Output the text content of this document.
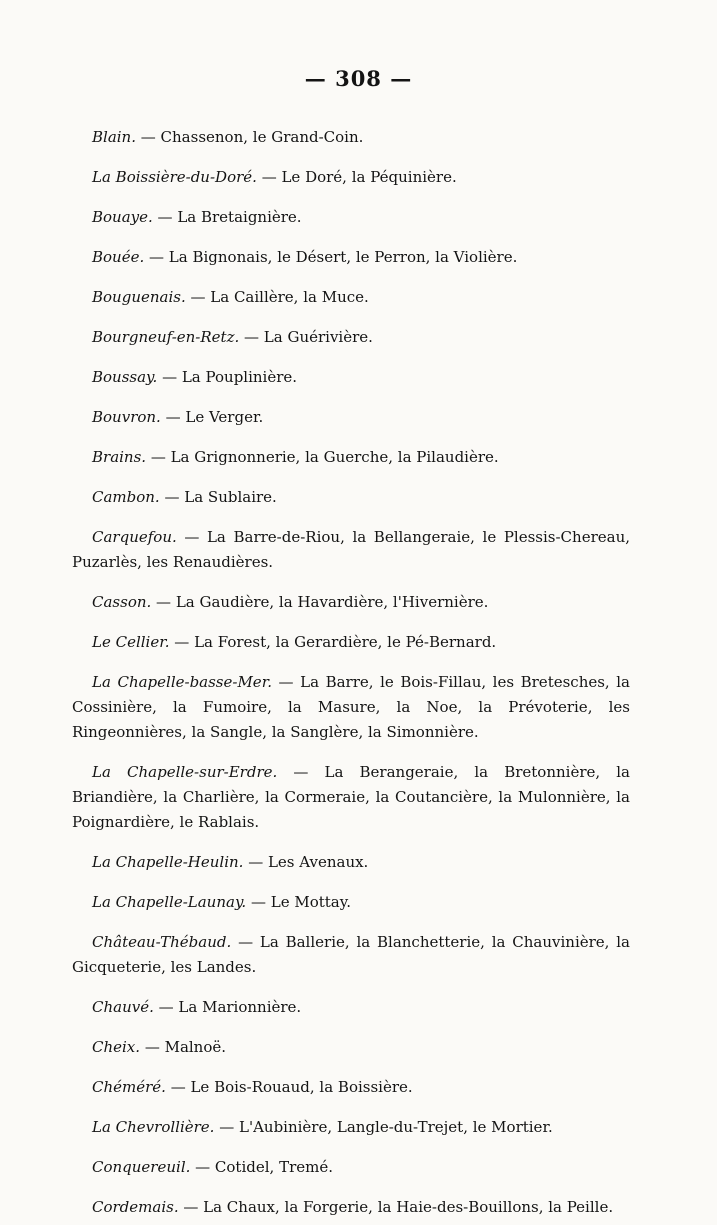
— 308 —

Blain. — Chassenon, le Grand-Coin.

La Boissière-du-Doré. — Le Doré, la Péquinière.

Bouaye. — La Bretaignière.

Bouée. — La Bignonais, le Désert, le Perron, la Violière.

Bouguenais. — La Caillère, la Muce.

Bourgneuf-en-Retz. — La Guérivière.

Boussay. — La Pouplinière.

Bouvron. — Le Verger.

Brains. — La Grignonnerie, la Guerche, la Pilaudière.

Cambon. — La Sublaire.

Carquefou. — La Barre-de-Riou, la Bellangeraie, le Plessis-Chereau, Puzarlès, les Renaudières.

Casson. — La Gaudière, la Havardière, l'Hivernière.

Le Cellier. — La Forest, la Gerardière, le Pé-Bernard.

La Chapelle-basse-Mer. — La Barre, le Bois-Fillau, les Bretesches, la Cossinière, la Fumoire, la Masure, la Noe, la Prévoterie, les Ringeonnières, la Sangle, la Sanglère, la Simonnière.

La Chapelle-sur-Erdre. — La Berangeraie, la Bretonnière, la Briandière, la Charlière, la Cormeraie, la Coutancière, la Mulonnière, la Poignardière, le Rablais.

La Chapelle-Heulin. — Les Avenaux.

La Chapelle-Launay. — Le Mottay.

Château-Thébaud. — La Ballerie, la Blanchetterie, la Chauvinière, la Gicqueterie, les Landes.

Chauvé. — La Marionnière.

Cheix. — Malnoë.

Chéméré. — Le Bois-Rouaud, la Boissière.

La Chevrollière. — L'Aubinière, Langle-du-Trejet, le Mortier.

Conquereuil. — Cotidel, Tremé.

Cordemais. — La Chaux, la Forgerie, la Haie-des-Bouillons, la Peille.
